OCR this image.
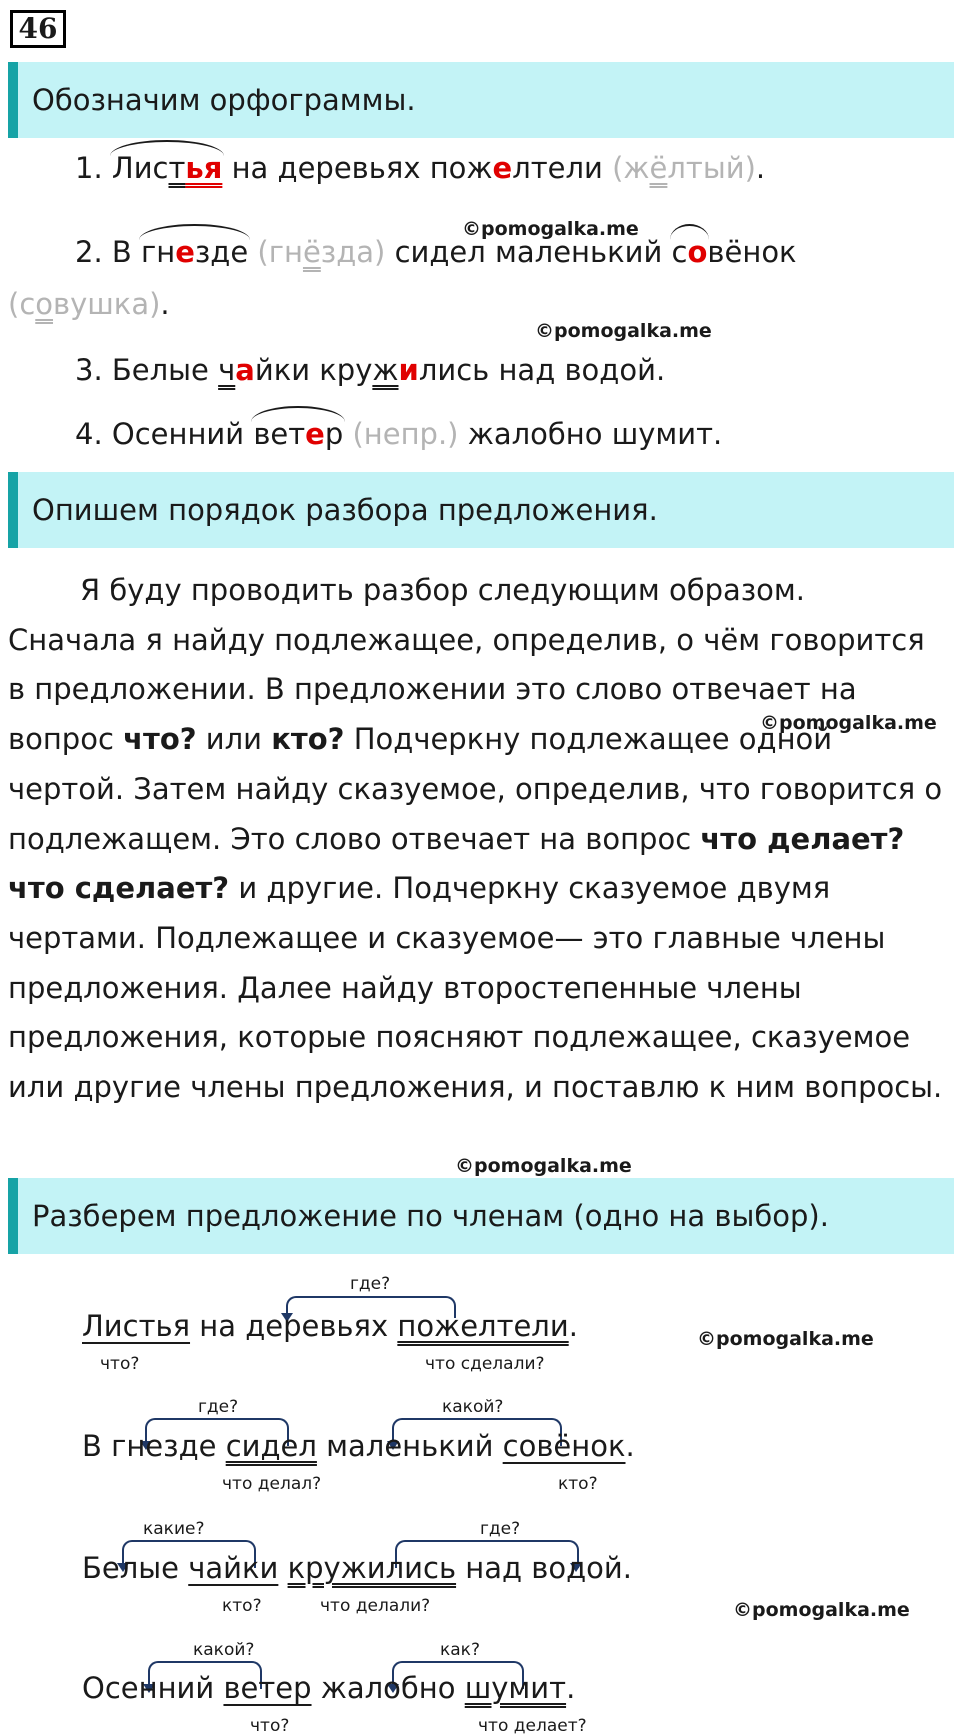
46
Обозначим орфограммы.
1.
Листья на деревьях пожелтели (жёлтый).
©pomogalka.me
2. В
гнезде (гнёзда) сидел маленький
совёнок
(совушка).
©pomogalka.me
3. Белые чайки кружились над водой.
4. Осенний
ветер (непр.) жалобно шумит.
Опишем порядок разбора предложения.

Я буду проводить разбор следующим образом.

Сначала я найду подлежащее, определив, о чём говорится в предложении. В предложении это слово отвечает на вопрос что? или кто? Подчеркну подлежащее одной чертой. Затем найду сказуемое, определив, что говорится о подлежащем. Это слово отвечает на вопрос что делает? что сделает? и другие. Подчеркну сказуемое двумя чертами. Подлежащее и сказуемое— это главные члены предложения. Далее найду второстепенные члены предложения, которые поясняют подлежащее, сказуемое или другие члены предложения, и поставлю к ним вопросы.

©pomogalka.me
©pomogalka.me
Разберем предложение по членам (одно на выбор).
где?
Листья на деревьях пожелтели.
что?	что сделали?
©pomogalka.me
где?	какой?
В гнезде сидел маленький совёнок.
что делал?	кто?
какие?	где?
Белые чайки кружились над водой.
кто?	что делали?	©pomogalka.me
какой?	как?
Осенний ветер жалобно шумит.
что?	что делает?
